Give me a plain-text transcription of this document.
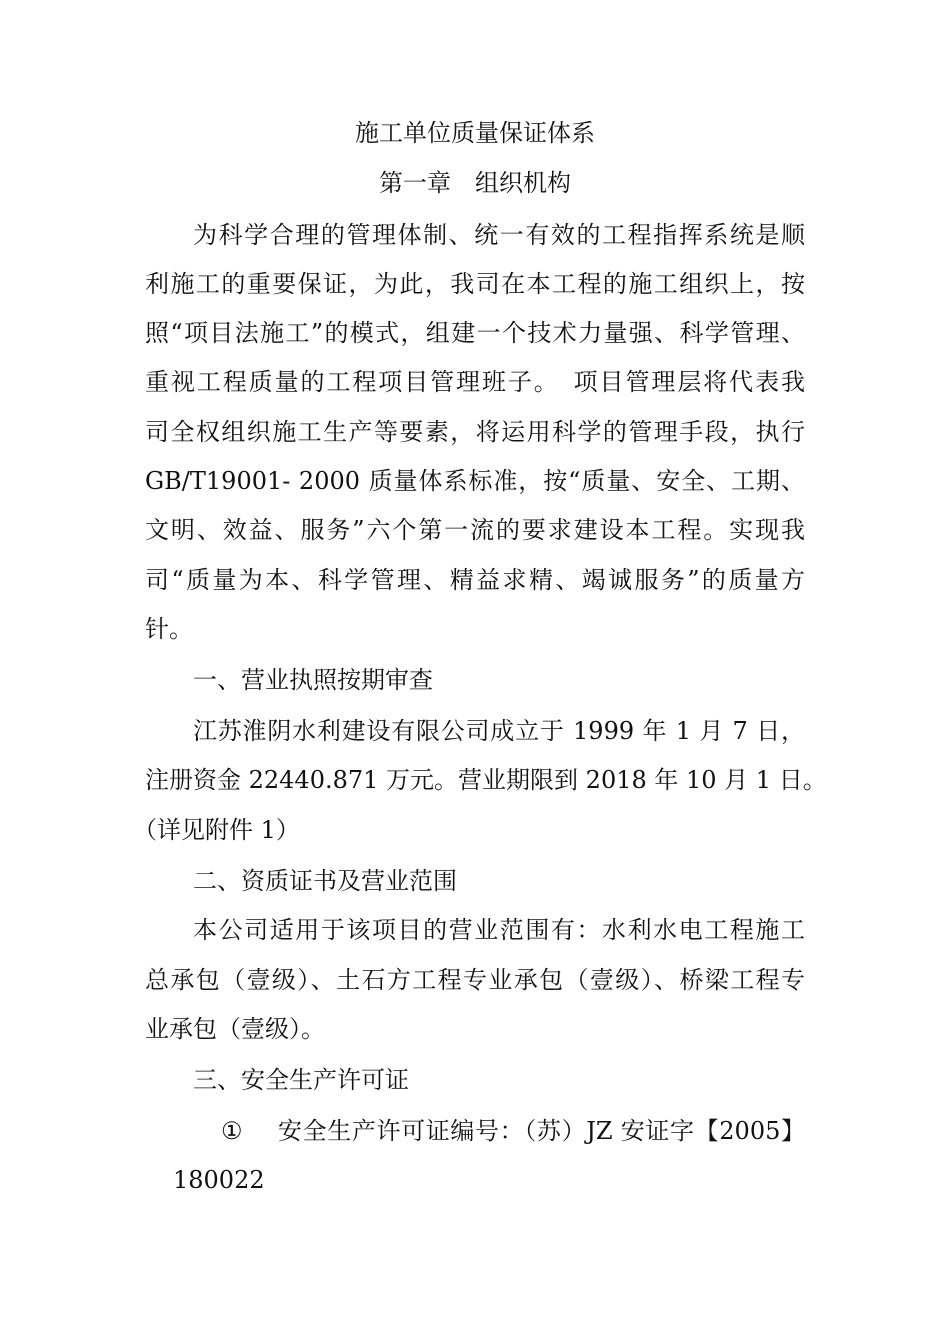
施工单位质量保证体系
第一章　组织机构
为科学合理的管理体制、统一有效的工程指挥系统是顺
利施工的重要保证，为此，我司在本工程的施工组织上，按
照“项目法施工”的模式，组建一个技术力量强、科学管理、
重视工程质量的工程项目管理班子。　项目管理层将代表我
司全权组织施工生产等要素，将运用科学的管理手段，执行
GB/T19001- 2000 质量体系标准，按“质量、安全、工期、
文明、效益、服务”六个第一流的要求建设本工程。实现我
司“质量为本、科学管理、精益求精、竭诚服务”的质量方
针。
一、营业执照按期审查
江苏淮阴水利建设有限公司成立于 1999 年 1 月 7 日，
注册资金 22440.871 万元。营业期限到 2018 年 10 月 1 日。
（详见附件 1）
二、资质证书及营业范围
本公司适用于该项目的营业范围有：水利水电工程施工
总承包（壹级）、土石方工程专业承包（壹级）、桥梁工程专
业承包（壹级）。
三、安全生产许可证
① 安全生产许可证编号：（苏）JZ 安证字【2005】
180022
